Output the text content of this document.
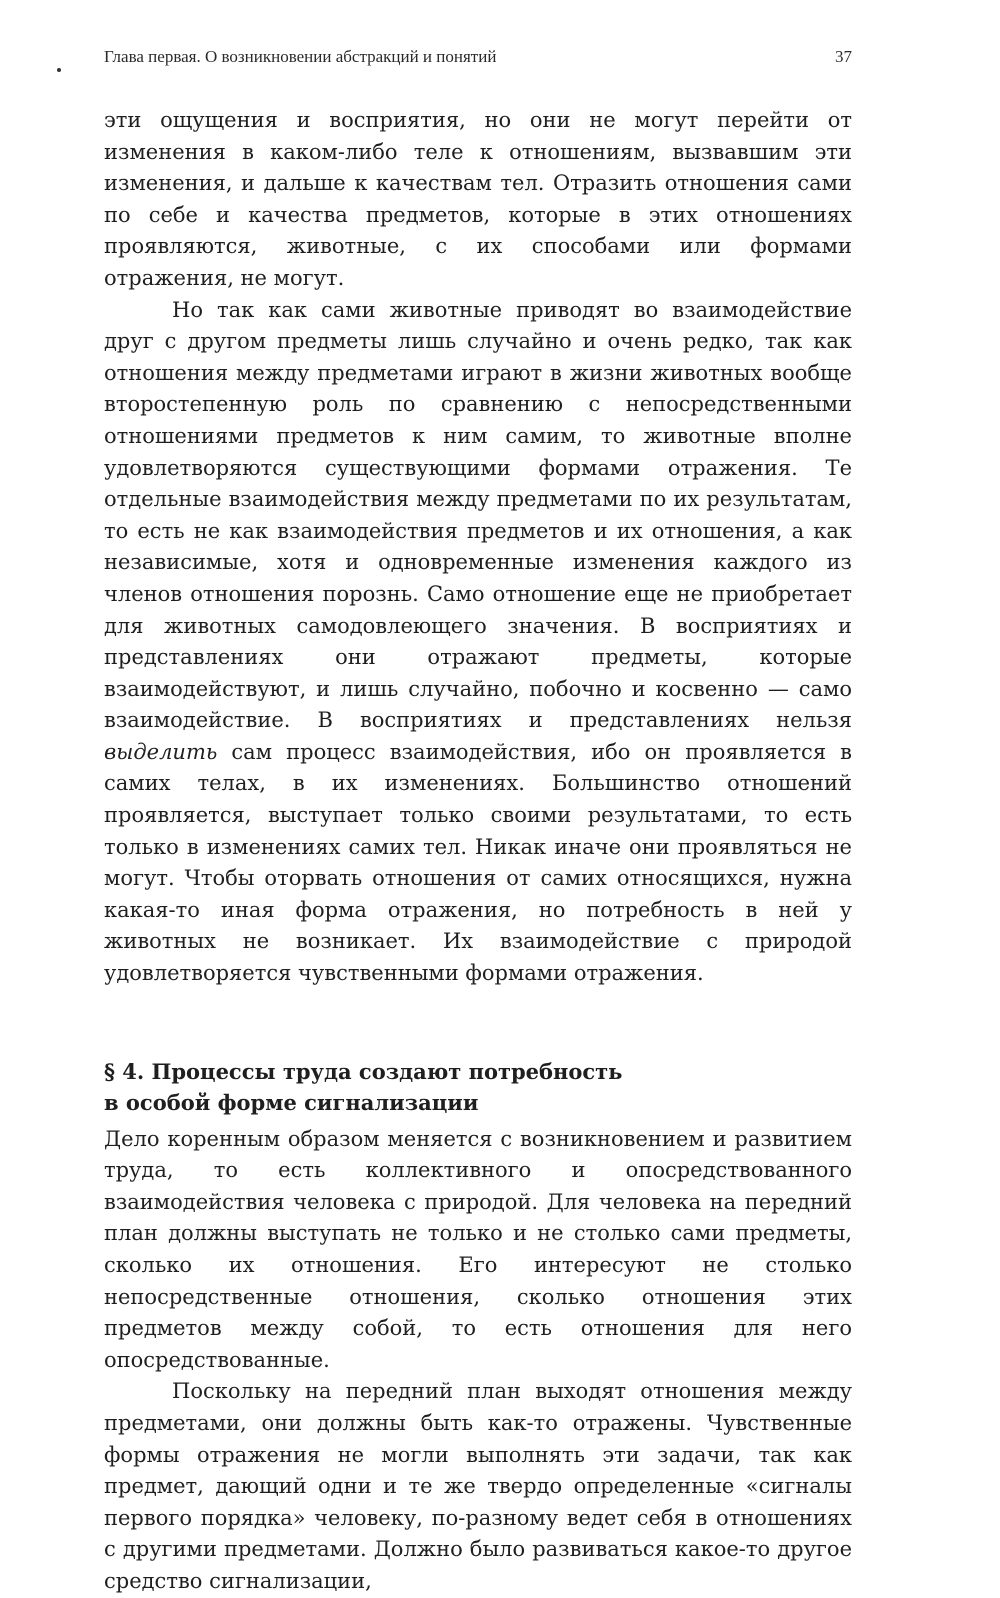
Глава первая. О возникновении абстракций и понятий	37

эти ощущения и восприятия, но они не могут перейти от изменения в каком-либо теле к отношениям, вызвавшим эти изменения, и дальше к качествам тел. Отразить отношения сами по себе и качества предметов, которые в этих отношениях проявляются, животные, с их способами или формами отражения, не могут.

Но так как сами животные приводят во взаимодействие друг с другом предметы лишь случайно и очень редко, так как отношения между предметами играют в жизни животных вообще второстепенную роль по сравнению с непосредственными отношениями предметов к ним самим, то животные вполне удовлетворяются существующими формами отражения. Те отдельные взаимодействия между предметами по их результатам, то есть не как взаимодействия предметов и их отношения, а как независимые, хотя и одновременные изменения каждого из членов отношения порознь. Само отношение еще не приобретает для животных самодовлеющего значения. В восприятиях и представлениях они отражают предметы, которые взаимодействуют, и лишь случайно, побочно и косвенно — само взаимодействие. В восприятиях и представлениях нельзя выделить сам процесс взаимодействия, ибо он проявляется в самих телах, в их изменениях. Большинство отношений проявляется, выступает только своими результатами, то есть только в изменениях самих тел. Никак иначе они проявляться не могут. Чтобы оторвать отношения от самих относящихся, нужна какая-то иная форма отражения, но потребность в ней у животных не возникает. Их взаимодействие с природой удовлетворяется чувственными формами отражения.

§ 4. Процессы труда создают потребность
в особой форме сигнализации

Дело коренным образом меняется с возникновением и развитием труда, то есть коллективного и опосредствованного взаимодействия человека с природой. Для человека на передний план должны выступать не только и не столько сами предметы, сколько их отношения. Его интересуют не столько непосредственные отношения, сколько отношения этих предметов между собой, то есть отношения для него опосредствованные.

Поскольку на передний план выходят отношения между предметами, они должны быть как-то отражены. Чувственные формы отражения не могли выполнять эти задачи, так как предмет, дающий одни и те же твердо определенные «сигналы первого порядка» человеку, по-разному ведет себя в отношениях с другими предметами. Должно было развиваться какое-то другое средство сигнализации,
